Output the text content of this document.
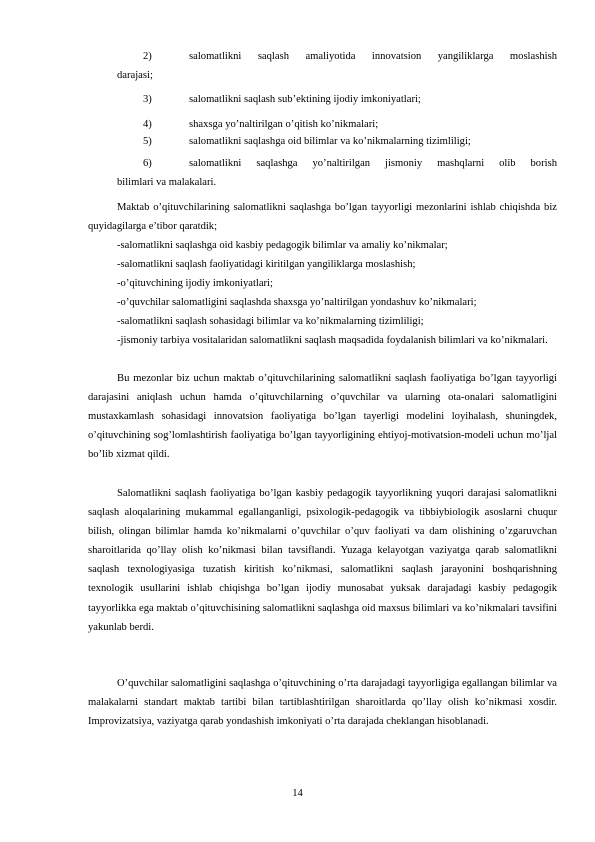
2)	salomatlikni saqlash amaliyotida innovatsion yangiliklarga moslashish
darajasi;
3)	salomatlikni saqlash sub’ektining ijodiy imkoniyatlari;
4)	shaxsga yo’naltirilgan o’qitish ko’nikmalari;
5)	salomatlikni saqlashga oid bilimlar va ko’nikmalarning tizimliligi;
6)	salomatlikni saqlashga yo’naltirilgan jismoniy mashqlarni olib borish
bilimlari va malakalari.

Maktab o’qituvchilarining salomatlikni saqlashga bo’lgan tayyorligi mezonlarini ishlab chiqishda biz quyidagilarga e’tibor qaratdik;

-salomatlikni saqlashga oid kasbiy pedagogik bilimlar va amaliy ko’nikmalar;

-salomatlikni saqlash faoliyatidagi kiritilgan yangiliklarga moslashish;

-o’qituvchining ijodiy imkoniyatlari;

-o’quvchilar salomatligini saqlashda shaxsga yo’naltirilgan yondashuv ko’nikmalari;

-salomatlikni saqlash sohasidagi bilimlar va ko’nikmalarning tizimliligi;

-jismoniy tarbiya vositalaridan salomatlikni saqlash maqsadida foydalanish bilimlari va ko’nikmalari.

Bu mezonlar biz uchun maktab o’qituvchilarining salomatlikni saqlash faoliyatiga bo’lgan tayyorligi darajasini aniqlash uchun hamda o’qituvchilarning o’quvchilar va ularning ota-onalari salomatligini mustaxkamlash sohasidagi innovatsion faoliyatiga bo’lgan tayerligi modelini loyihalash, shuningdek, o’qituvchining sog’lomlashtirish faoliyatiga bo’lgan tayyorligining ehtiyoj-motivatsion-modeli uchun mo’ljal bo’lib xizmat qildi.

Salomatlikni saqlash faoliyatiga bo’lgan kasbiy pedagogik tayyorlikning yuqori darajasi salomatlikni saqlash aloqalarining mukammal egallanganligi, psixologik-pedagogik va tibbiybiologik asoslarni chuqur bilish, olingan bilimlar hamda ko’nikmalarni o’quvchilar o’quv faoliyati va dam olishining o’zgaruvchan sharoitlarida qo’llay olish ko’nikmasi bilan tavsiflandi. Yuzaga kelayotgan vaziyatga qarab salomatlikni saqlash texnologiyasiga tuzatish kiritish ko’nikmasi, salomatlikni saqlash jarayonini boshqarishning texnologik usullarini ishlab chiqishga bo’lgan ijodiy munosabat yuksak darajadagi kasbiy pedagogik tayyorlikka ega maktab o’qituvchisining salomatlikni saqlashga oid maxsus bilimlari va ko’nikmalari tavsifini yakunlab berdi.

O’quvchilar salomatligini saqlashga o’qituvchining o’rta darajadagi tayyorligiga egallangan bilimlar va malakalarni standart maktab tartibi bilan tartiblashtirilgan sharoitlarda qo’llay olish ko’nikmasi xosdir. Improvizatsiya, vaziyatga qarab yondashish imkoniyati o’rta darajada cheklangan hisoblanadi.

14
